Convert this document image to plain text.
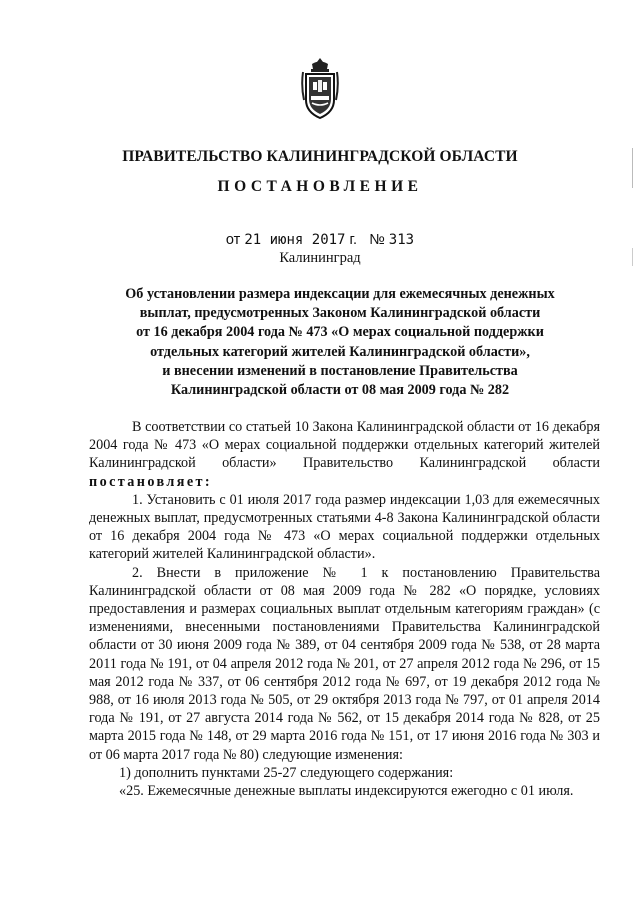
ПРАВИТЕЛЬСТВО КАЛИНИНГРАДСКОЙ ОБЛАСТИ
ПОСТАНОВЛЕНИЕ
от 21 июня 2017 г. № 313
Калининград
Об установлении размера индексации для ежемесячных денежных
выплат, предусмотренных Законом Калининградской области
от 16 декабря 2004 года № 473 «О мерах социальной поддержки
отдельных категорий жителей Калининградской области»,
и внесении изменений в постановление Правительства
Калининградской области от 08 мая 2009 года № 282

В соответствии со статьей 10 Закона Калининградской области от 16 декабря 2004 года № 473 «О мерах социальной поддержки отдельных категорий жителей Калининградской области» Правительство Калининградской области постановляет:

1. Установить с 01 июля 2017 года размер индексации 1,03 для ежемесячных денежных выплат, предусмотренных статьями 4-8 Закона Калининградской области от 16 декабря 2004 года № 473 «О мерах социальной поддержки отдельных категорий жителей Калининградской области».

2. Внести в приложение № 1 к постановлению Правительства Калининградской области от 08 мая 2009 года № 282 «О порядке, условиях предоставления и размерах социальных выплат отдельным категориям граждан» (с изменениями, внесенными постановлениями Правительства Калининградской области от 30 июня 2009 года № 389, от 04 сентября 2009 года № 538, от 28 марта 2011 года № 191, от 04 апреля 2012 года № 201, от 27 апреля 2012 года № 296, от 15 мая 2012 года № 337, от 06 сентября 2012 года № 697, от 19 декабря 2012 года № 988, от 16 июля 2013 года № 505, от 29 октября 2013 года № 797, от 01 апреля 2014 года № 191, от 27 августа 2014 года № 562, от 15 декабря 2014 года № 828, от 25 марта 2015 года № 148, от 29 марта 2016 года № 151, от 17 июня 2016 года № 303 и от 06 марта 2017 года № 80) следующие изменения:

1) дополнить пунктами 25-27 следующего содержания:

«25. Ежемесячные денежные выплаты индексируются ежегодно с 01 июля.
